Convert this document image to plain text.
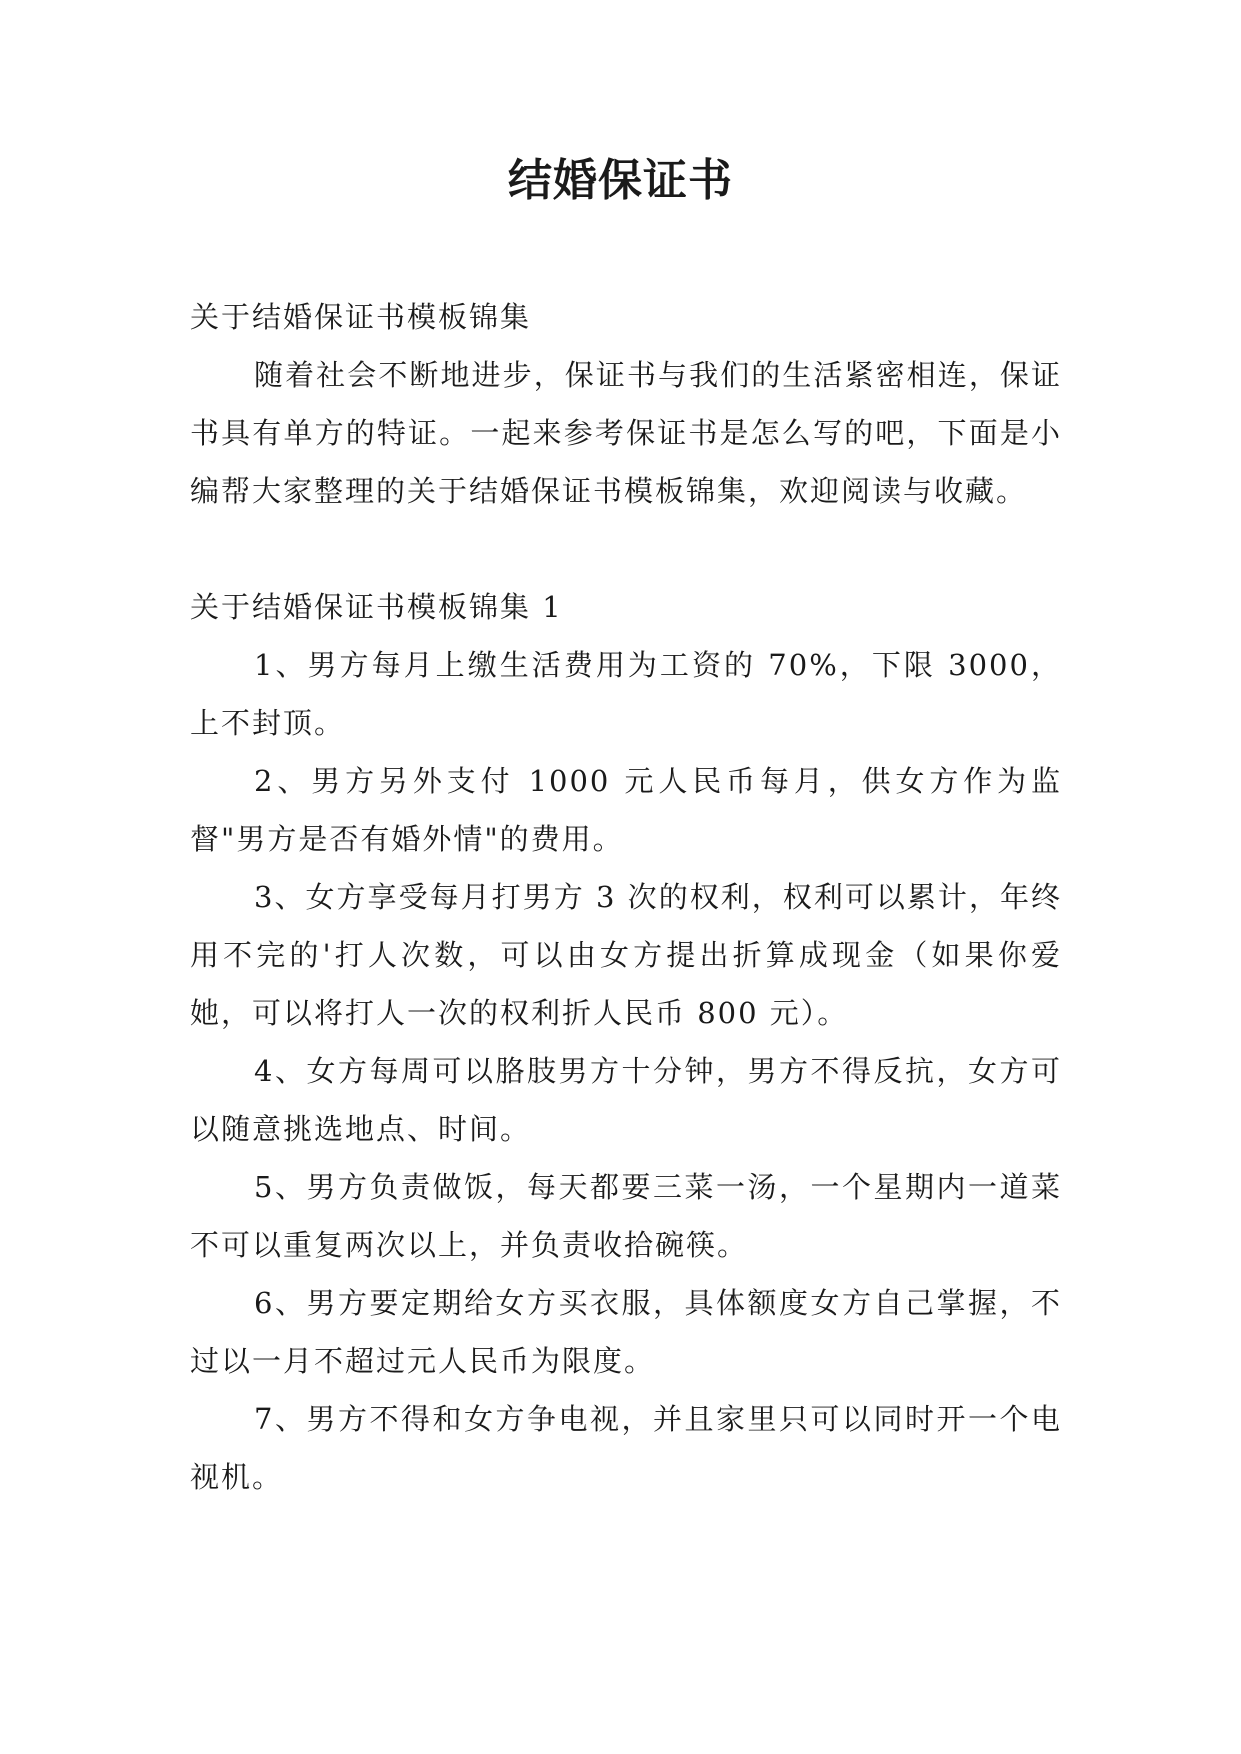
结婚保证书

关于结婚保证书模板锦集

随着社会不断地进步，保证书与我们的生活紧密相连，保证书具有单方的特证。一起来参考保证书是怎么写的吧，下面是小编帮大家整理的关于结婚保证书模板锦集，欢迎阅读与收藏。

关于结婚保证书模板锦集 1

1、男方每月上缴生活费用为工资的 70%，下限 3000，上不封顶。

2、男方另外支付 1000 元人民币每月，供女方作为监督"男方是否有婚外情"的费用。

3、女方享受每月打男方 3 次的权利，权利可以累计，年终用不完的'打人次数，可以由女方提出折算成现金（如果你爱她，可以将打人一次的权利折人民币 800 元）。

4、女方每周可以胳肢男方十分钟，男方不得反抗，女方可以随意挑选地点、时间。

5、男方负责做饭，每天都要三菜一汤，一个星期内一道菜不可以重复两次以上，并负责收拾碗筷。

6、男方要定期给女方买衣服，具体额度女方自己掌握，不过以一月不超过元人民币为限度。

7、男方不得和女方争电视，并且家里只可以同时开一个电视机。
